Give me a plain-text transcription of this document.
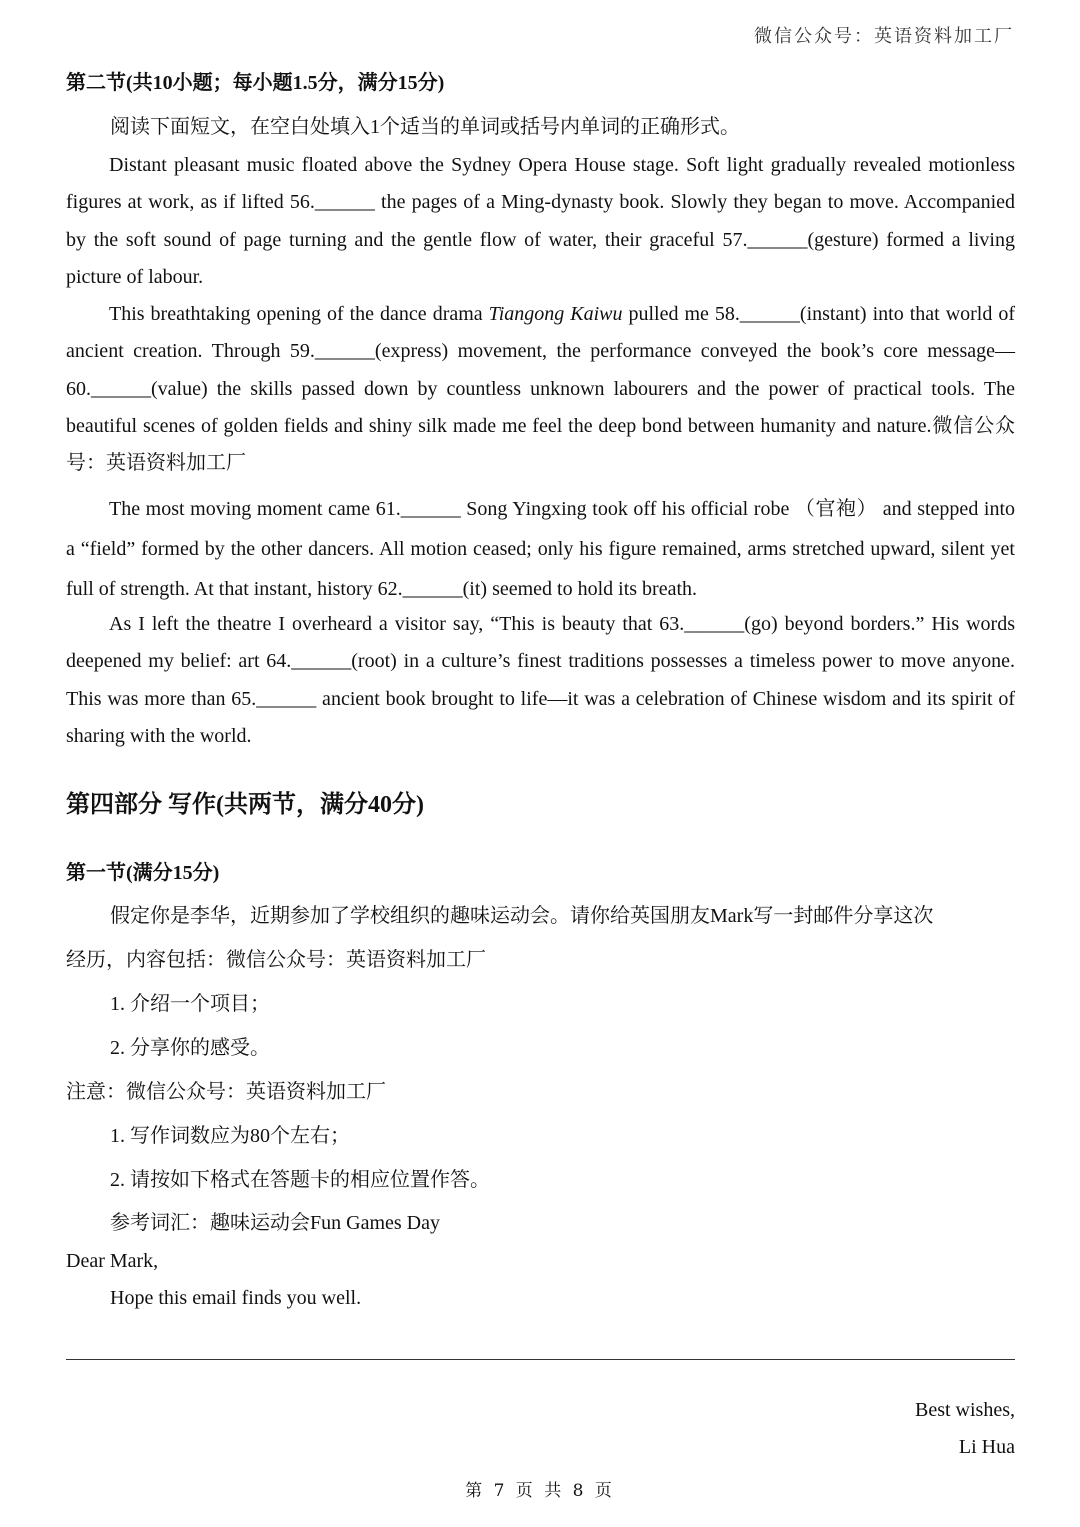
微信公众号：英语资料加工厂
第二节(共10小题；每小题1.5分，满分15分)
阅读下面短文，在空白处填入1个适当的单词或括号内单词的正确形式。
Distant pleasant music floated above the Sydney Opera House stage. Soft light gradually revealed motionless figures at work, as if lifted 56.______ the pages of a Ming-dynasty book. Slowly they began to move. Accompanied by the soft sound of page turning and the gentle flow of water, their graceful 57.______(gesture) formed a living picture of labour.
This breathtaking opening of the dance drama Tiangong Kaiwu pulled me 58.______(instant) into that world of ancient creation. Through 59.______(express) movement, the performance conveyed the book’s core message—60.______(value) the skills passed down by countless unknown labourers and the power of practical tools. The beautiful scenes of golden fields and shiny silk made me feel the deep bond between humanity and nature.微信公众号：英语资料加工厂
The most moving moment came 61.______ Song Yingxing took off his official robe （官袍） and stepped into a “field” formed by the other dancers. All motion ceased; only his figure remained, arms stretched upward, silent yet full of strength. At that instant, history 62.______(it) seemed to hold its breath.
As I left the theatre I overheard a visitor say, “This is beauty that 63.______(go) beyond borders.” His words deepened my belief: art 64.______(root) in a culture’s finest traditions possesses a timeless power to move anyone. This was more than 65.______ ancient book brought to life—it was a celebration of Chinese wisdom and its spirit of sharing with the world.
第四部分 写作(共两节，满分40分)
第一节(满分15分)
假定你是李华，近期参加了学校组织的趣味运动会。请你给英国朋友Mark写一封邮件分享这次
经历，内容包括：微信公众号：英语资料加工厂
1. 介绍一个项目；
2. 分享你的感受。
注意：微信公众号：英语资料加工厂
1. 写作词数应为80个左右；
2. 请按如下格式在答题卡的相应位置作答。
参考词汇：趣味运动会Fun Games Day
Dear Mark,
Hope this email finds you well.
Best wishes,
Li Hua
第 7 页 共 8 页
